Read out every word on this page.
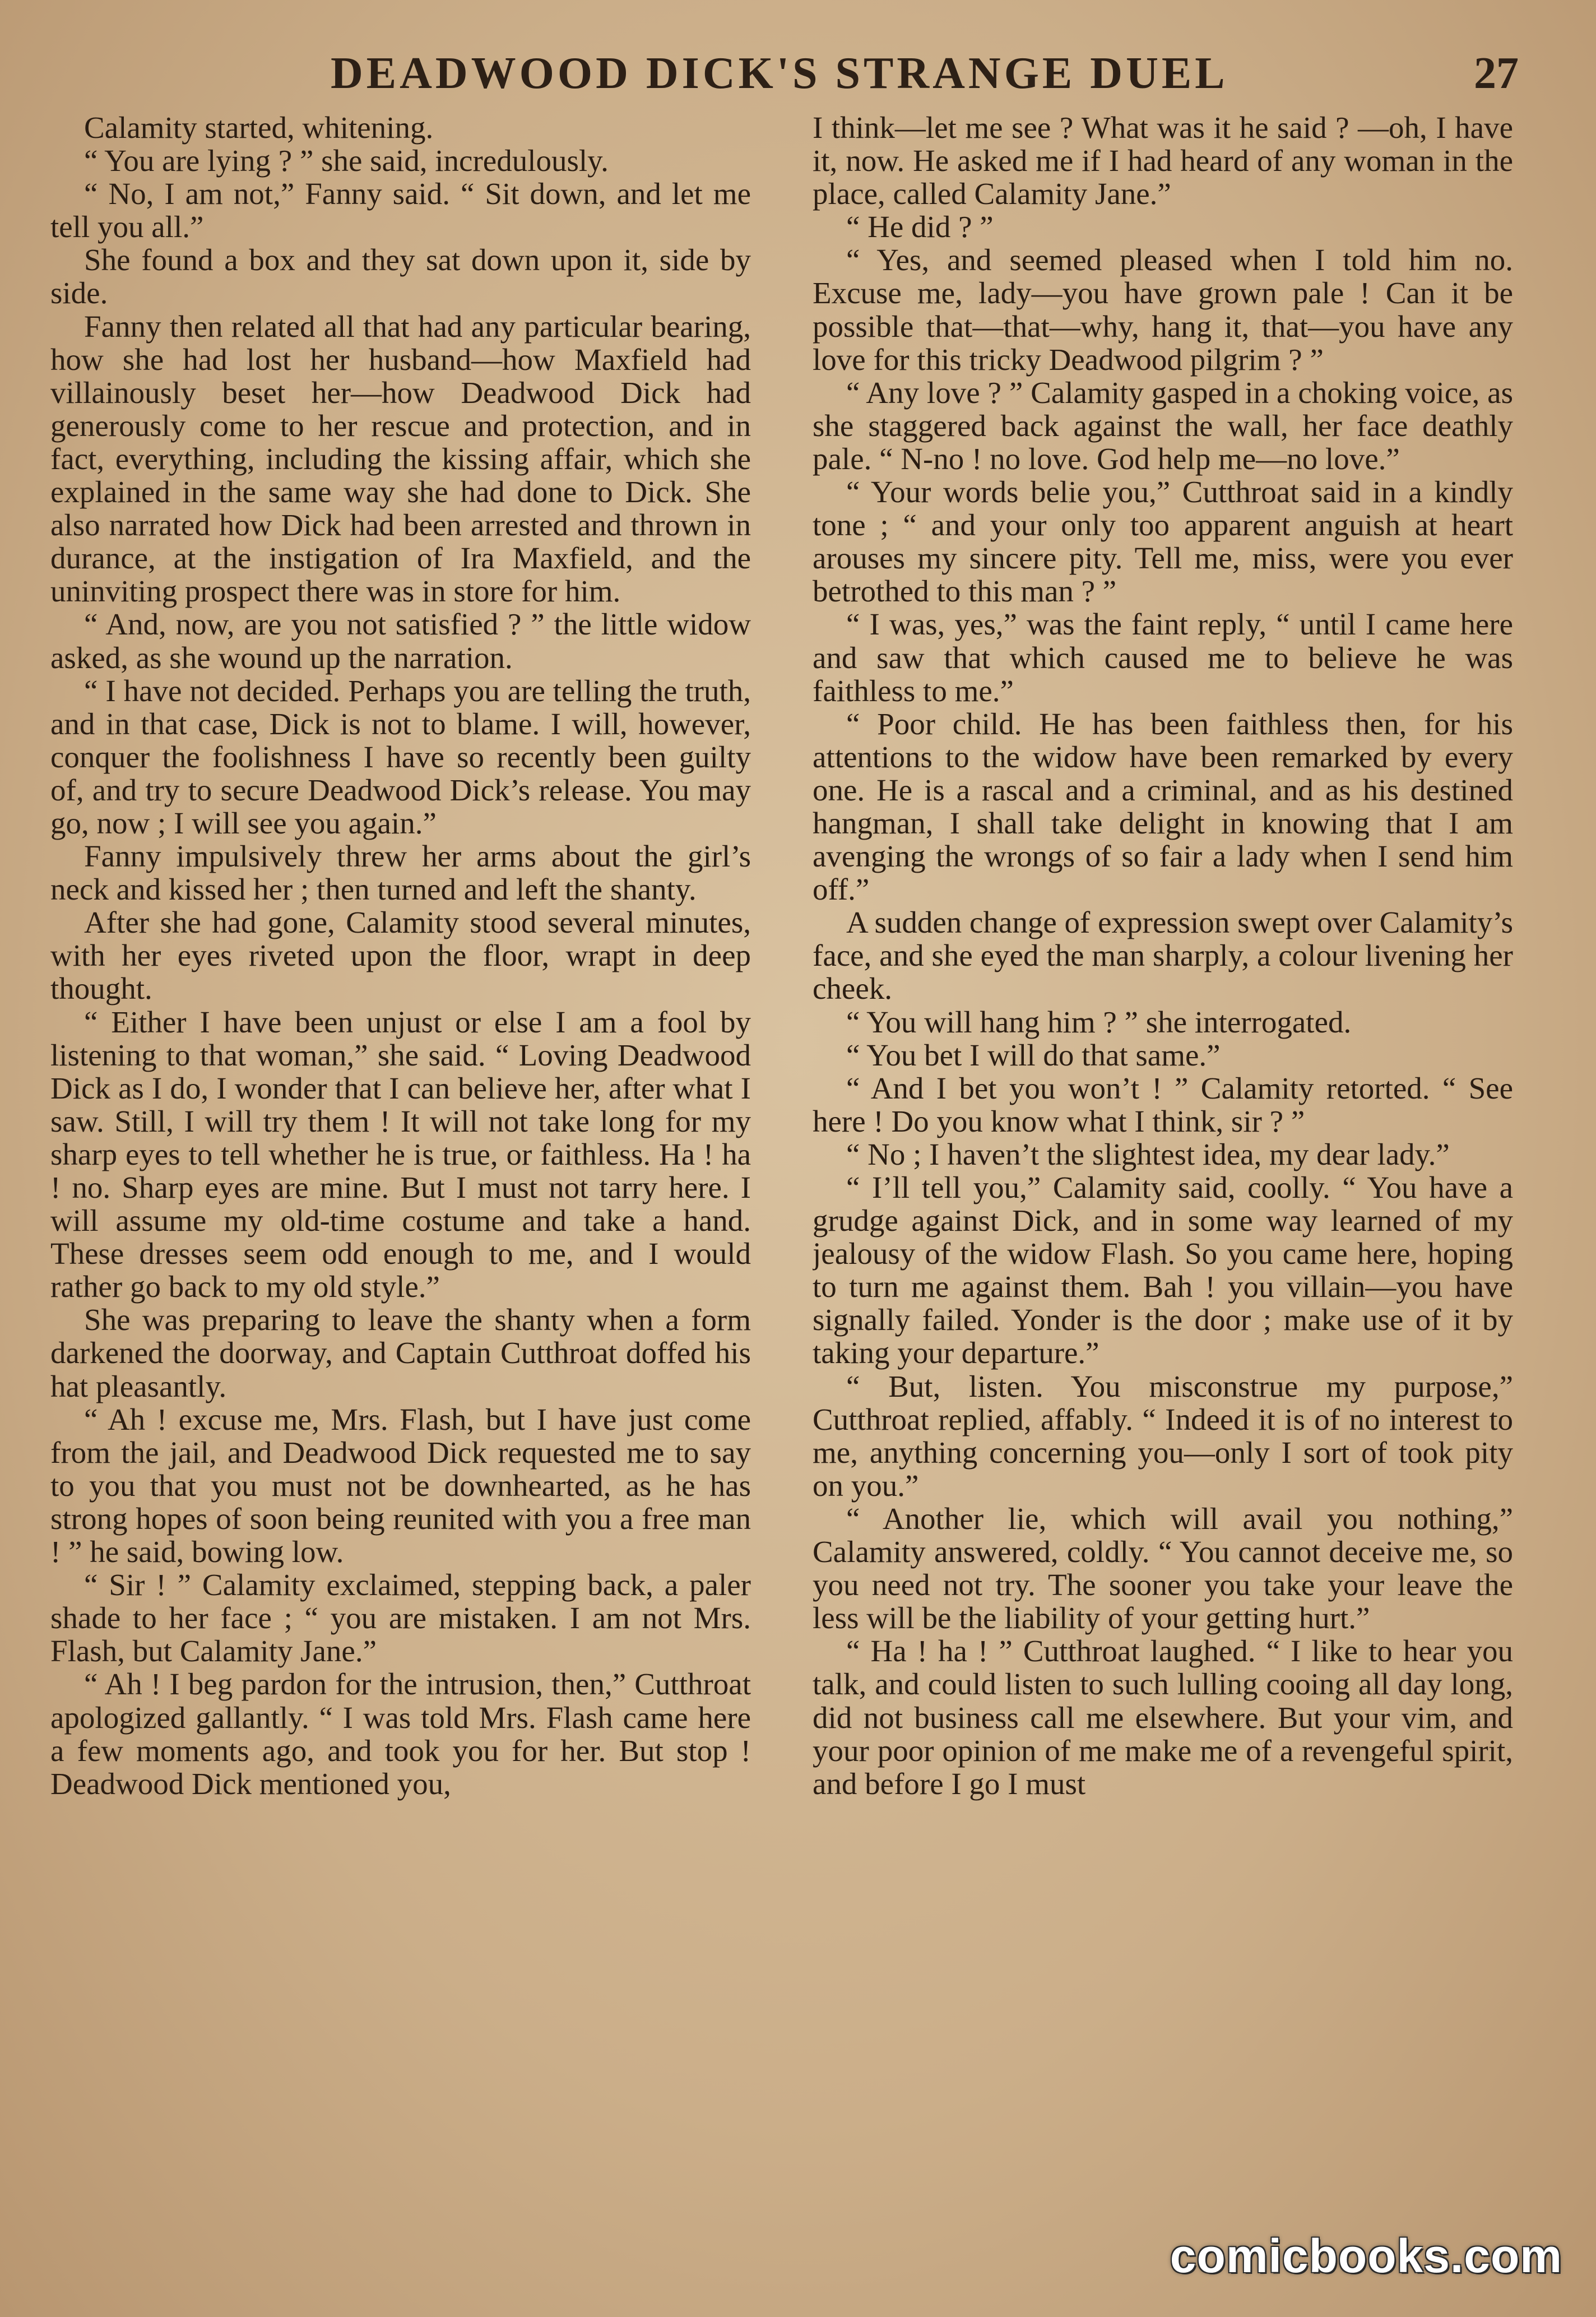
DEADWOOD DICK'S STRANGE DUEL	27

Calamity started, whitening.

“ You are lying ? ” she said, incredulously.

“ No, I am not,” Fanny said. “ Sit down, and let me tell you all.”

She found a box and they sat down upon it, side by side.

Fanny then related all that had any particular bearing, how she had lost her husband—how Maxfield had villainously beset her—how Deadwood Dick had generously come to her rescue and protection, and in fact, everything, including the kissing affair, which she explained in the same way she had done to Dick. She also narrated how Dick had been arrested and thrown in durance, at the instigation of Ira Maxfield, and the uninviting prospect there was in store for him.

“ And, now, are you not satisfied ? ” the little widow asked, as she wound up the narration.

“ I have not decided. Perhaps you are telling the truth, and in that case, Dick is not to blame. I will, however, conquer the foolishness I have so recently been guilty of, and try to secure Deadwood Dick’s release. You may go, now ; I will see you again.”

Fanny impulsively threw her arms about the girl’s neck and kissed her ; then turned and left the shanty.

After she had gone, Calamity stood several minutes, with her eyes riveted upon the floor, wrapt in deep thought.

“ Either I have been unjust or else I am a fool by listening to that woman,” she said. “ Loving Deadwood Dick as I do, I wonder that I can believe her, after what I saw. Still, I will try them ! It will not take long for my sharp eyes to tell whether he is true, or faithless. Ha ! ha ! no. Sharp eyes are mine. But I must not tarry here. I will assume my old-time costume and take a hand. These dresses seem odd enough to me, and I would rather go back to my old style.”

She was preparing to leave the shanty when a form darkened the doorway, and Captain Cutthroat doffed his hat pleasantly.

“ Ah ! excuse me, Mrs. Flash, but I have just come from the jail, and Deadwood Dick requested me to say to you that you must not be downhearted, as he has strong hopes of soon being reunited with you a free man ! ” he said, bowing low.

“ Sir ! ” Calamity exclaimed, stepping back, a paler shade to her face ; “ you are mistaken. I am not Mrs. Flash, but Calamity Jane.”

“ Ah ! I beg pardon for the intrusion, then,” Cutthroat apologized gallantly. “ I was told Mrs. Flash came here a few moments ago, and took you for her. But stop ! Deadwood Dick mentioned you,

I think—let me see ? What was it he said ? —oh, I have it, now. He asked me if I had heard of any woman in the place, called Calamity Jane.”

“ He did ? ”

“ Yes, and seemed pleased when I told him no. Excuse me, lady—you have grown pale ! Can it be possible that—that—why, hang it, that—you have any love for this tricky Deadwood pilgrim ? ”

“ Any love ? ” Calamity gasped in a choking voice, as she staggered back against the wall, her face deathly pale. “ N-no ! no love. God help me—no love.”

“ Your words belie you,” Cutthroat said in a kindly tone ; “ and your only too apparent anguish at heart arouses my sincere pity. Tell me, miss, were you ever betrothed to this man ? ”

“ I was, yes,” was the faint reply, “ until I came here and saw that which caused me to believe he was faithless to me.”

“ Poor child. He has been faithless then, for his attentions to the widow have been remarked by every one. He is a rascal and a criminal, and as his destined hangman, I shall take delight in knowing that I am avenging the wrongs of so fair a lady when I send him off.”

A sudden change of expression swept over Calamity’s face, and she eyed the man sharply, a colour livening her cheek.

“ You will hang him ? ” she interrogated.

“ You bet I will do that same.”

“ And I bet you won’t ! ” Calamity retorted. “ See here ! Do you know what I think, sir ? ”

“ No ; I haven’t the slightest idea, my dear lady.”

“ I’ll tell you,” Calamity said, coolly. “ You have a grudge against Dick, and in some way learned of my jealousy of the widow Flash. So you came here, hoping to turn me against them. Bah ! you villain—you have signally failed. Yonder is the door ; make use of it by taking your departure.”

“ But, listen. You misconstrue my purpose,” Cutthroat replied, affably. “ Indeed it is of no interest to me, anything concerning you—only I sort of took pity on you.”

“ Another lie, which will avail you nothing,” Calamity answered, coldly. “ You cannot deceive me, so you need not try. The sooner you take your leave the less will be the liability of your getting hurt.”

“ Ha ! ha ! ” Cutthroat laughed. “ I like to hear you talk, and could listen to such lulling cooing all day long, did not business call me elsewhere. But your vim, and your poor opinion of me make me of a revengeful spirit, and before I go I must

comicbooks.com
